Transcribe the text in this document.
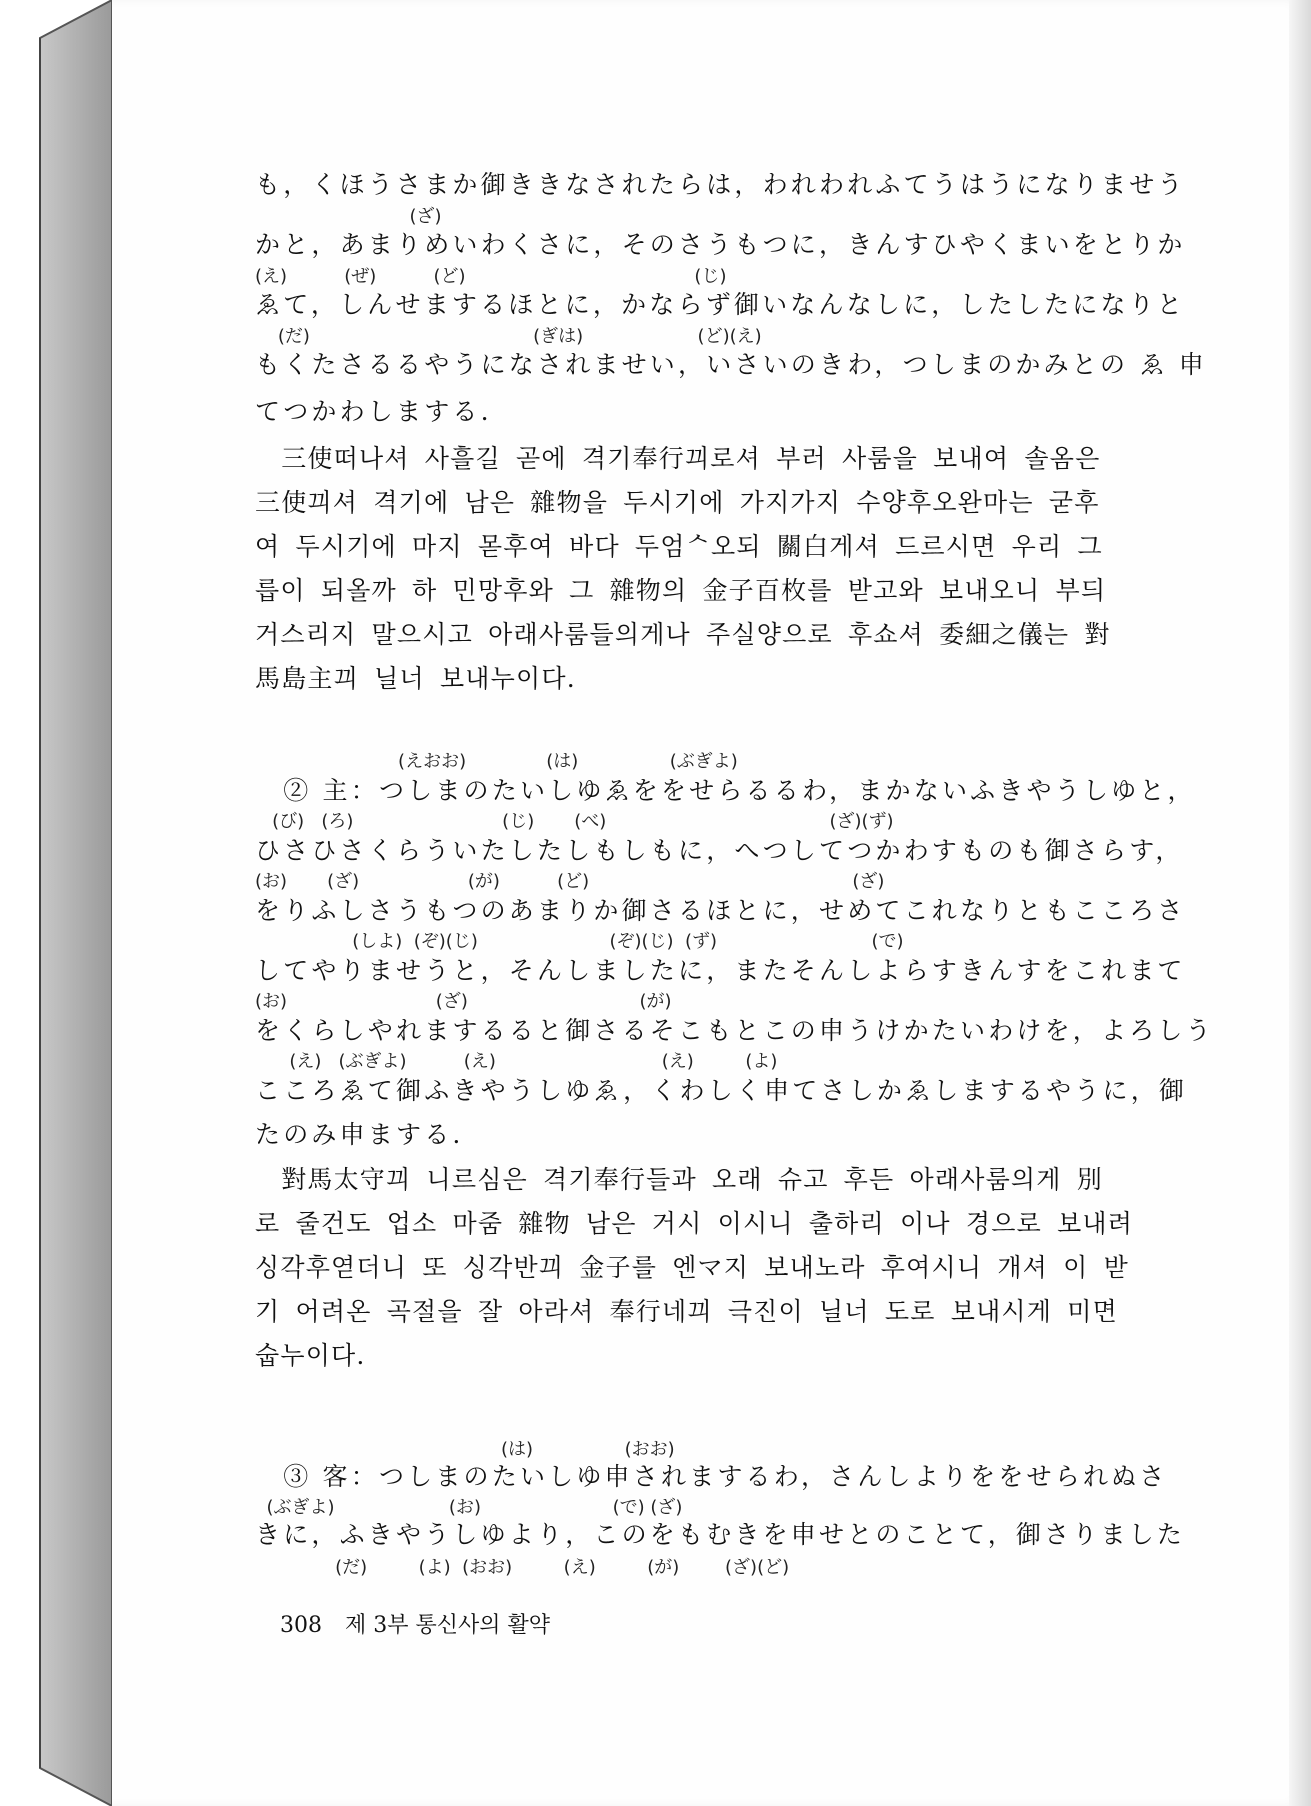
も，くほうさまか御ききなされたらは，われわれふてうはうになりませう
(ざ)
かと，あまりめいわくさに，そのさうもつに，きんすひやくまいをとりか
(え)          (ぜ)          (ど)                                        (じ)
ゑて，しんせまするほとに，かならず御いなんなしに，したしたになりと
(だ)                                       (ぎは)                    (ど)(え)
もくたさるるやうになされませい，いさいのきわ，つしまのかみとの ゑ 申
てつかわしまする.
　三使떠나셔 사흘길 곧에 격기奉行끠로셔 부러 사룸을 보내여 솔옴은
三使끠셔 격기에 남은 雜物을 두시기에 가지가지 수양후오완마는 굳후
여 두시기에 마지 몯후여 바다 두엄ᄉ오되 關白게셔 드르시면 우리 그
릅이 되올까 하 민망후와 그 雜物의 金子百枚를 받고와 보내오니 부듸
거스리지 말으시고 아래사룸들의게나 주실양으로 후쇼셔 委細之儀는 對
馬島主끠 닐너 보내누이다.
(えおお)              (は)                (ぶぎよ)
　② 主：つしまのたいしゆゑををせらるるわ，まかないふきやうしゆと，
(び)   (ろ)                          (じ)       (べ)                                       (ざ)(ず)
ひさひさくらういたしたしもしもに，へつしてつかわすものも御さらす，
(お)       (ざ)                   (が)          (ど)                                              (ざ)
をりふしさうもつのあまりか御さるほとに，せめてこれなりともこころさ
(しよ)  (ぞ)(じ)                       (ぞ)(じ)  (ず)                           (で)
してやりませうと，そんしましたに，またそんしよらすきんすをこれまて
(お)                          (ざ)                              (が)
をくらしやれまするると御さるそこもとこの申うけかたいわけを，よろしう
(え)   (ぶぎよ)          (え)                             (え)         (よ)
こころゑて御ふきやうしゆゑ，くわしく申てさしかゑしまするやうに，御
たのみ申まする.
　對馬太守끠 니르심은 격기奉行들과 오래 슈고 후든 아래사룸의게 別
로 줄건도 업소 마줌 雜物 남은 거시 이시니 출하리 이나 경으로 보내려
싱각후엳더니 또 싱각반끠 金子를 엔マ지 보내노라 후여시니 개셔 이 받
기 어려온 곡절을 잘 아라셔 奉行네끠 극진이 닐너 도로 보내시게 미면
숩누이다.
(は)                (おお)
　③ 客：つしまのたいしゆ申されまするわ，さんしよりををせられぬさ
(ぶぎよ)                    (お)                       (で) (ざ)
きに，ふきやうしゆより，このをもむきを申せとのことて，御さりました
(だ)         (よ)  (おお)         (え)         (が)        (ざ)(ど)
308 제 3부 통신사의 활약
